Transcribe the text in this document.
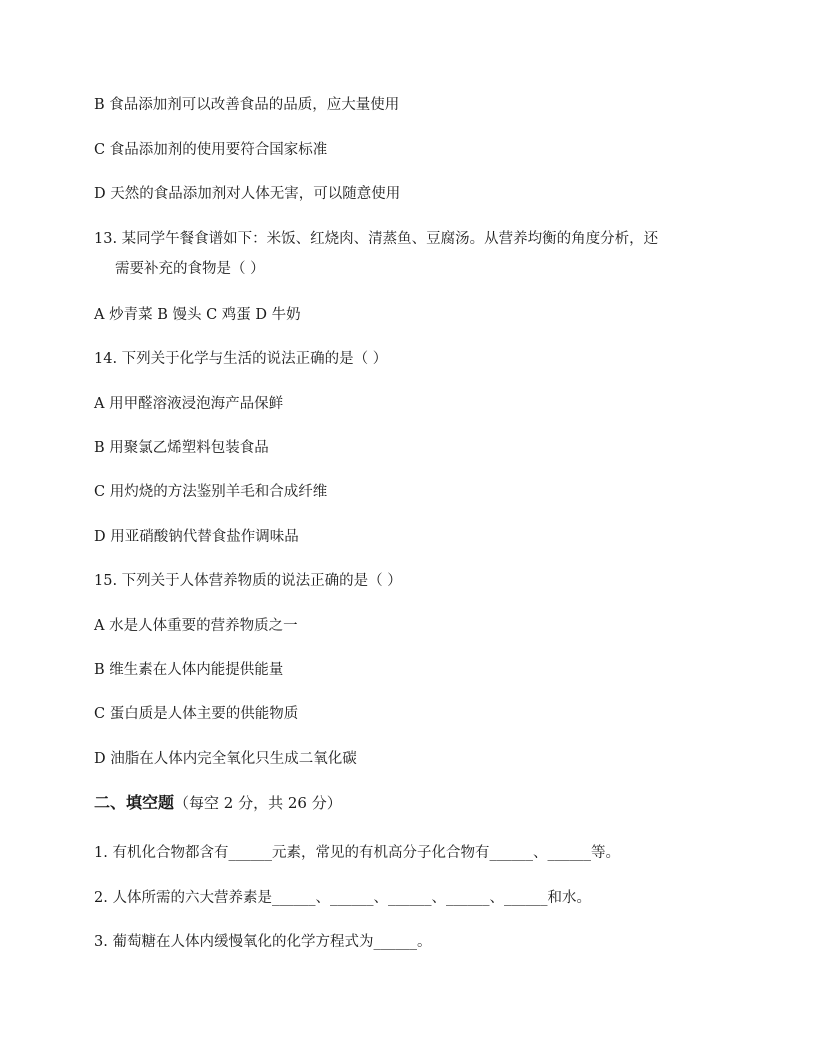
B 食品添加剂可以改善食品的品质，应大量使用

C 食品添加剂的使用要符合国家标准

D 天然的食品添加剂对人体无害，可以随意使用

13. 某同学午餐食谱如下：米饭、红烧肉、清蒸鱼、豆腐汤。从营养均衡的角度分析，还
需要补充的食物是（ ）

A 炒青菜 B 馒头 C 鸡蛋 D 牛奶

14. 下列关于化学与生活的说法正确的是（ ）

A 用甲醛溶液浸泡海产品保鲜

B 用聚氯乙烯塑料包装食品

C 用灼烧的方法鉴别羊毛和合成纤维

D 用亚硝酸钠代替食盐作调味品

15. 下列关于人体营养物质的说法正确的是（ ）

A 水是人体重要的营养物质之一

B 维生素在人体内能提供能量

C 蛋白质是人体主要的供能物质

D 油脂在人体内完全氧化只生成二氧化碳

二、填空题（每空 2 分，共 26 分）

1. 有机化合物都含有______元素，常见的有机高分子化合物有______、______等。

2. 人体所需的六大营养素是______、______、______、______、______和水。

3. 葡萄糖在人体内缓慢氧化的化学方程式为______。
